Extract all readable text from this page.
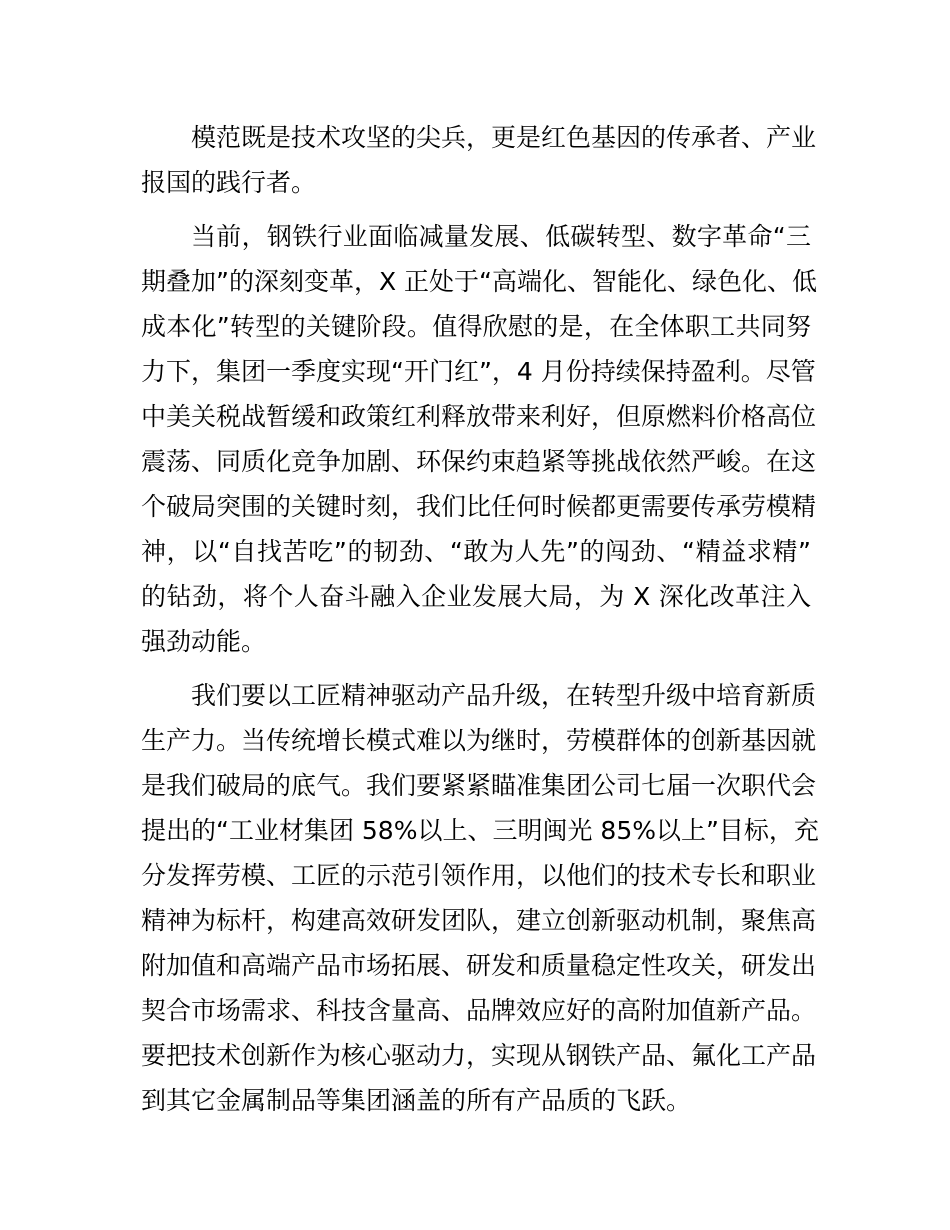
模范既是技术攻坚的尖兵，更是红色基因的传承者、产业
报国的践行者。
当前，钢铁行业面临减量发展、低碳转型、数字革命“三
期叠加”的深刻变革，X 正处于“高端化、智能化、绿色化、低
成本化”转型的关键阶段。值得欣慰的是，在全体职工共同努
力下，集团一季度实现“开门红”，4 月份持续保持盈利。尽管
中美关税战暂缓和政策红利释放带来利好，但原燃料价格高位
震荡、同质化竞争加剧、环保约束趋紧等挑战依然严峻。在这
个破局突围的关键时刻，我们比任何时候都更需要传承劳模精
神，以“自找苦吃”的韧劲、“敢为人先”的闯劲、“精益求精”
的钻劲，将个人奋斗融入企业发展大局，为 X 深化改革注入
强劲动能。
我们要以工匠精神驱动产品升级，在转型升级中培育新质
生产力。当传统增长模式难以为继时，劳模群体的创新基因就
是我们破局的底气。我们要紧紧瞄准集团公司七届一次职代会
提出的“工业材集团 58%以上、三明闽光 85%以上”目标，充
分发挥劳模、工匠的示范引领作用，以他们的技术专长和职业
精神为标杆，构建高效研发团队，建立创新驱动机制，聚焦高
附加值和高端产品市场拓展、研发和质量稳定性攻关，研发出
契合市场需求、科技含量高、品牌效应好的高附加值新产品。
要把技术创新作为核心驱动力，实现从钢铁产品、氟化工产品
到其它金属制品等集团涵盖的所有产品质的飞跃。
